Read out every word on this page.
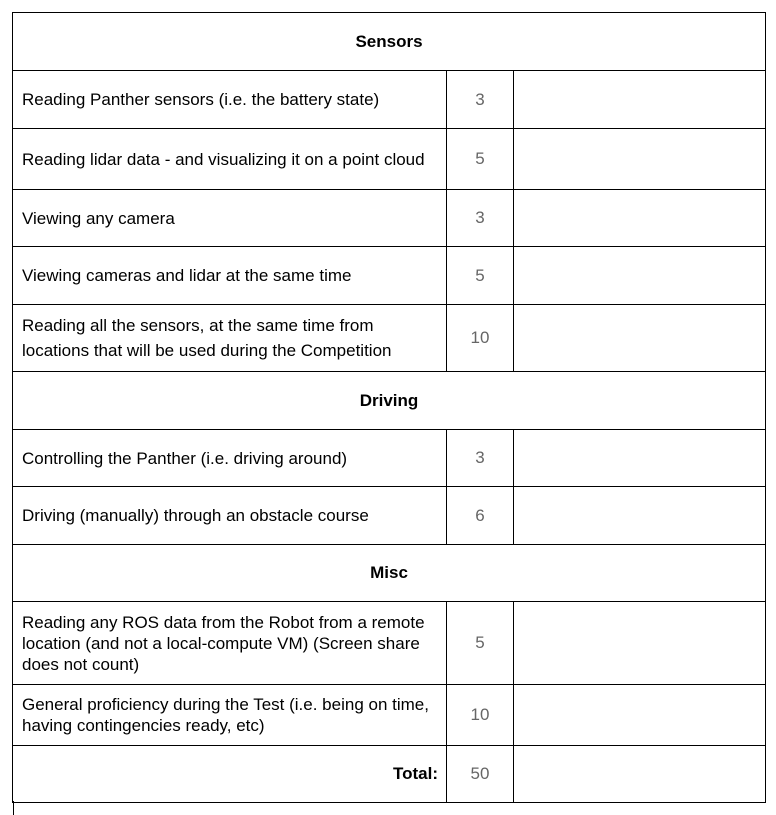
Sensors		
Reading Panther sensors (i.e. the battery state)	3	
Reading lidar data - and visualizing it on a point cloud	5	
Viewing any camera	3	
Viewing cameras and lidar at the same time	5	
Reading all the sensors, at the same time from locations that will be used during the Competition	10	
Driving		
Controlling the Panther (i.e. driving around)	3	
Driving (manually) through an obstacle course	6	
Misc		
Reading any ROS data from the Robot from a remote location (and not a local-compute VM) (Screen share does not count)	5	
General proficiency during the Test (i.e. being on time, having contingencies ready, etc)	10	
Total:	50	
